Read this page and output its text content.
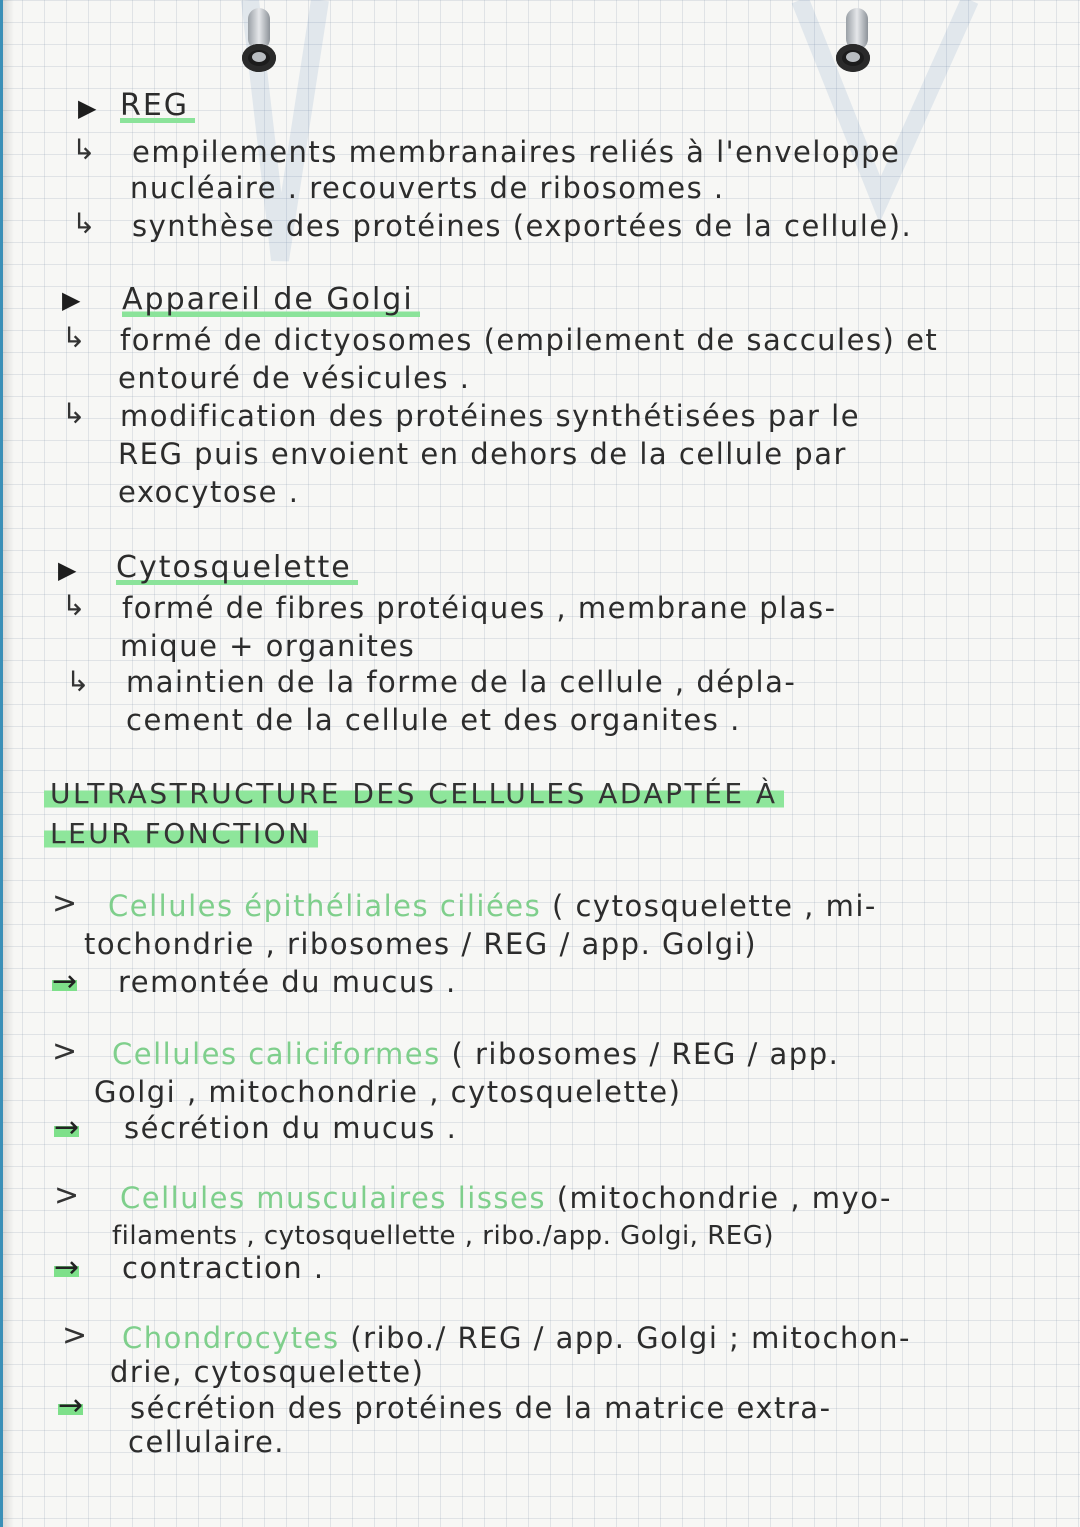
▶ REG
↳ empilements membranaires reliés à l'enveloppe
nucléaire . recouverts de ribosomes .
↳ synthèse des protéines (exportées de la cellule).
▶ Appareil de Golgi
↳ formé de dictyosomes (empilement de saccules) et
entouré de vésicules .
↳ modification des protéines synthétisées par le
REG puis envoient en dehors de la cellule par
exocytose .
▶ Cytosquelette
↳ formé de fibres protéiques , membrane plas-
mique + organites
↳ maintien de la forme de la cellule , dépla-
cement de la cellule et des organites .
ULTRASTRUCTURE DES CELLULES ADAPTÉE À
LEUR FONCTION
> Cellules épithéliales ciliées ( cytosquelette , mi-
tochondrie , ribosomes / REG / app. Golgi)
→ remontée du mucus .
> Cellules caliciformes ( ribosomes / REG / app.
Golgi , mitochondrie , cytosquelette)
→ sécrétion du mucus .
> Cellules musculaires lisses (mitochondrie , myo-
filaments , cytosquellette , ribo./app. Golgi, REG)
→ contraction .
> Chondrocytes (ribo./ REG / app. Golgi ; mitochon-
drie, cytosquelette)
→ sécrétion des protéines de la matrice extra-
cellulaire.
